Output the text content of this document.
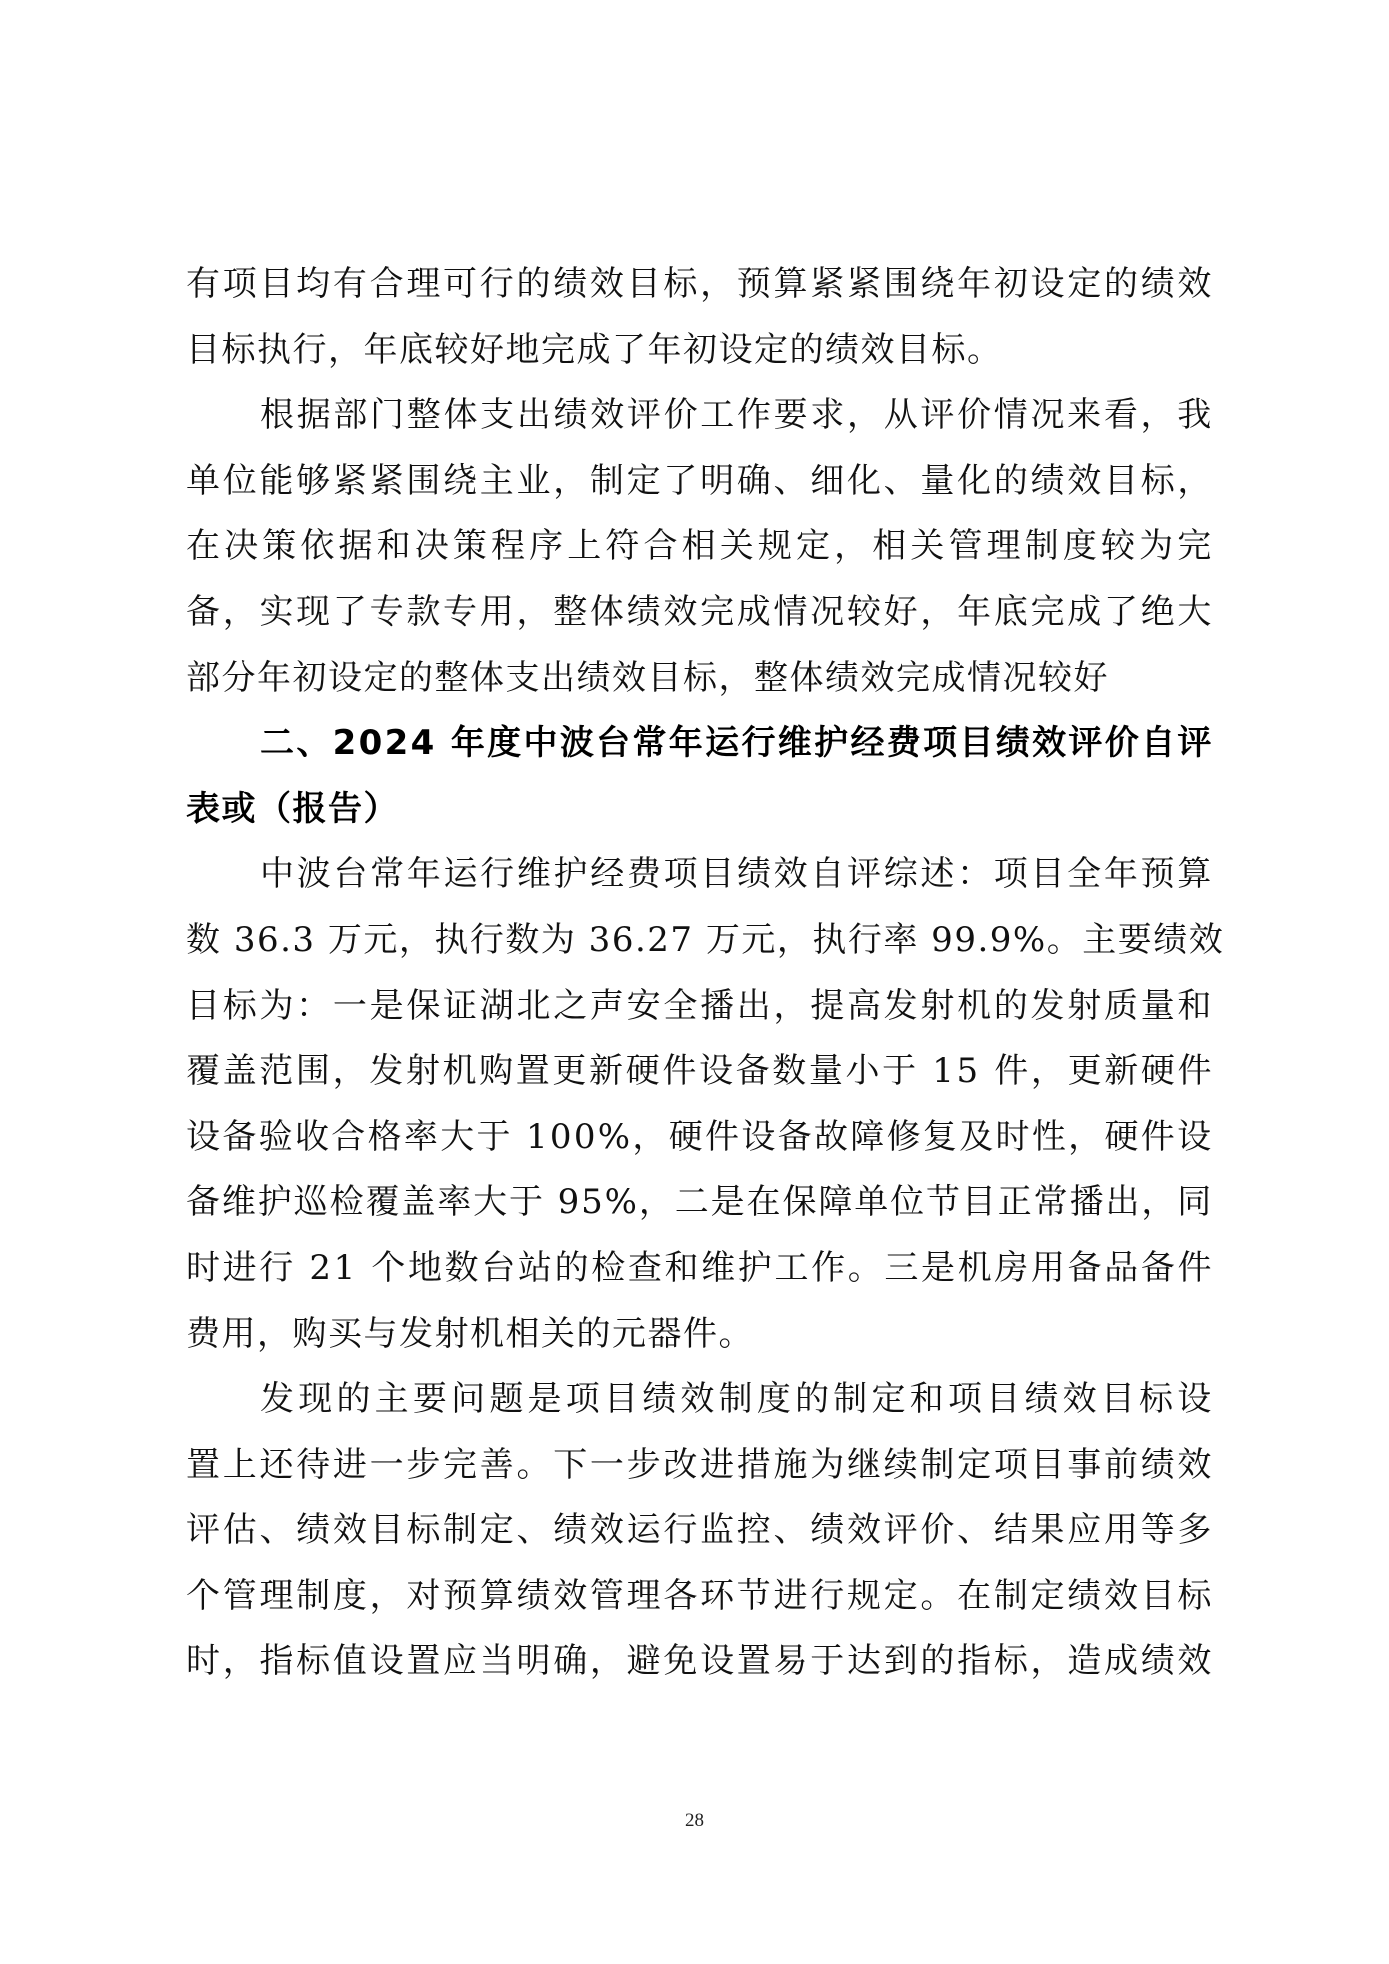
有 项 目 均 有 合 理 可 行 的 绩 效 目 标 ， 预 算 紧 紧 围 绕 年 初 设 定 的 绩 效
目标执行，年底较好地完成了年初设定的绩效目标。
根 据 部 门 整 体 支 出 绩 效 评 价 工 作 要 求 ， 从 评 价 情 况 来 看 ， 我
单 位 能 够 紧 紧 围 绕 主 业 ， 制 定 了 明 确 、 细 化 、 量 化 的 绩 效 目 标 ，
在 决 策 依 据 和 决 策 程 序 上 符 合 相 关 规 定 ， 相 关 管 理 制 度 较 为 完
备 ， 实 现 了 专 款 专 用 ， 整 体 绩 效 完 成 情 况 较 好 ， 年 底 完 成 了 绝 大
部分年初设定的整体支出绩效目标，整体绩效完成情况较好
二 、 2 0 2 4
年 度 中 波 台 常 年 运 行 维 护 经 费 项 目 绩 效 评 价 自 评
表或（报告）
中 波 台 常 年 运 行 维 护 经 费 项 目 绩 效 自 评 综 述 ： 项 目 全 年 预 算
数
3 6 . 3
万 元 ， 执 行 数 为
3 6 . 2 7
万 元 ， 执 行 率
9 9 . 9 % 。 主 要 绩 效
目 标 为 ： 一 是 保 证 湖 北 之 声 安 全 播 出 ， 提 高 发 射 机 的 发 射 质 量 和
覆 盖 范 围 ， 发 射 机 购 置 更 新 硬 件 设 备 数 量 小 于
1 5
件 ， 更 新 硬 件
设 备 验 收 合 格 率 大 于
1 0 0 % ， 硬 件 设 备 故 障 修 复 及 时 性 ， 硬 件 设
备 维 护 巡 检 覆 盖 率 大 于
9 5 % ， 二 是 在 保 障 单 位 节 目 正 常 播 出 ， 同
时 进 行
2 1
个 地 数 台 站 的 检 查 和 维 护 工 作 。 三 是 机 房 用 备 品 备 件
费用，购买与发射机相关的元器件。
发 现 的 主 要 问 题 是 项 目 绩 效 制 度 的 制 定 和 项 目 绩 效 目 标 设
置 上 还 待 进 一 步 完 善 。 下 一 步 改 进 措 施 为 继 续 制 定 项 目 事 前 绩 效
评 估 、 绩 效 目 标 制 定 、 绩 效 运 行 监 控 、 绩 效 评 价 、 结 果 应 用 等 多
个 管 理 制 度 ， 对 预 算 绩 效 管 理 各 环 节 进 行 规 定 。 在 制 定 绩 效 目 标
时 ， 指 标 值 设 置 应 当 明 确 ， 避 免 设 置 易 于 达 到 的 指 标 ， 造 成 绩 效
28
